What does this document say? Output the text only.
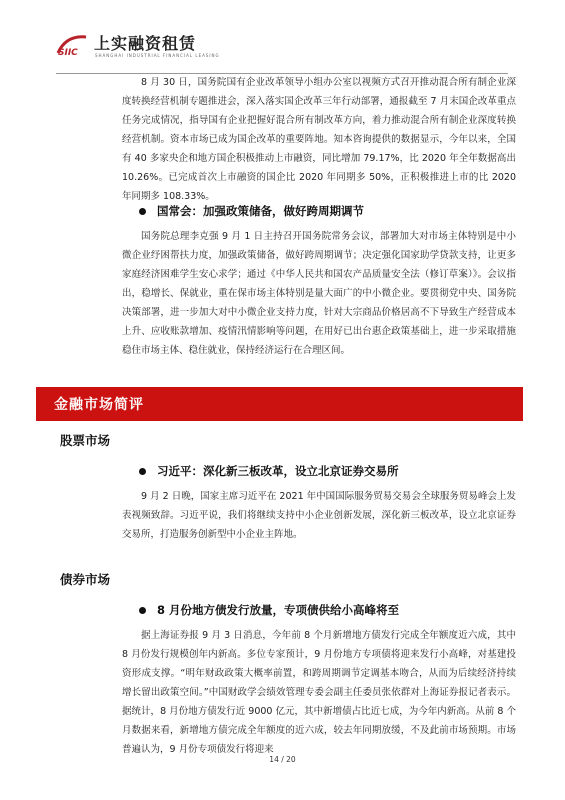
SIIC 上实融资租赁
SHANGHAI INDUSTRIAL FINANCIAL LEASING
8 月 30 日，国务院国有企业改革领导小组办公室以视频方式召开推动混合所有制企业深度转换经营机制专题推进会，深入落实国企改革三年行动部署，通报截至 7 月末国企改革重点任务完成情况，指导国有企业把握好混合所有制改革方向，着力推动混合所有制企业深度转换经营机制。资本市场已成为国企改革的重要阵地。知本咨询提供的数据显示，今年以来，全国有 40 多家央企和地方国企积极推动上市融资，同比增加 79.17%，比 2020 年全年数据高出 10.26%。已完成首次上市融资的国企比 2020 年同期多 50%，正积极推进上市的比 2020 年同期多 108.33%。
国常会：加强政策储备，做好跨周期调节
国务院总理李克强 9 月 1 日主持召开国务院常务会议，部署加大对市场主体特别是中小微企业纾困帮扶力度，加强政策储备，做好跨周期调节；决定强化国家助学贷款支持，让更多家庭经济困难学生安心求学；通过《中华人民共和国农产品质量安全法（修订草案）》。会议指出，稳增长、保就业，重在保市场主体特别是量大面广的中小微企业。要贯彻党中央、国务院决策部署，进一步加大对中小微企业支持力度，针对大宗商品价格居高不下导致生产经营成本上升、应收账款增加、疫情汛情影响等问题，在用好已出台惠企政策基础上，进一步采取措施稳住市场主体、稳住就业，保持经济运行在合理区间。
金融市场简评
股票市场
习近平：深化新三板改革，设立北京证券交易所
9 月 2 日晚，国家主席习近平在 2021 年中国国际服务贸易交易会全球服务贸易峰会上发表视频致辞。习近平说，我们将继续支持中小企业创新发展，深化新三板改革，设立北京证券交易所，打造服务创新型中小企业主阵地。
债券市场
8 月份地方债发行放量，专项债供给小高峰将至
据上海证券报 9 月 3 日消息，今年前 8 个月新增地方债发行完成全年额度近六成，其中 8 月份发行规模创年内新高。多位专家预计，9 月份地方专项债将迎来发行小高峰，对基建投资形成支撑。“明年财政政策大概率前置，和跨周期调节定调基本吻合，从而为后续经济持续增长留出政策空间。”中国财政学会绩效管理专委会副主任委员张依群对上海证券报记者表示。据统计，8 月份地方债发行近 9000 亿元，其中新增债占比近七成，为今年内新高。从前 8 个月数据来看，新增地方债完成全年额度的近六成，较去年同期放缓，不及此前市场预期。市场普遍认为，9 月份专项债发行将迎来
14 / 20
